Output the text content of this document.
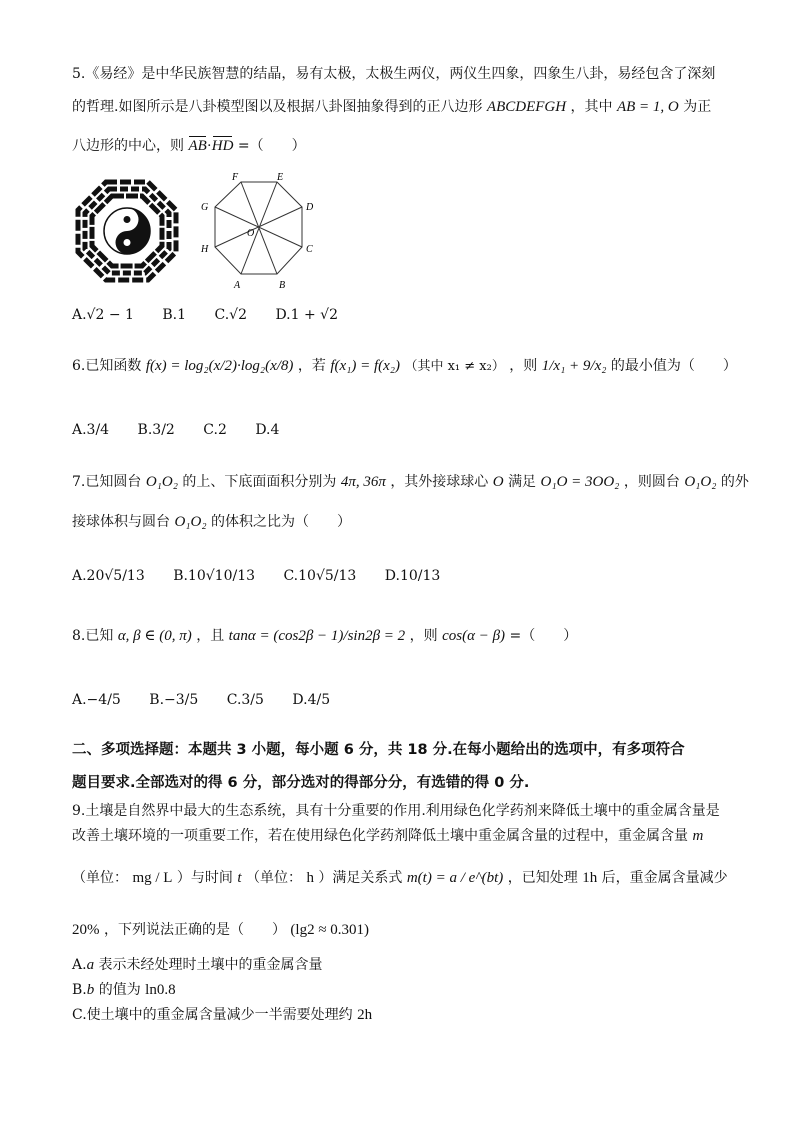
5.《易经》是中华民族智慧的结晶，易有太极，太极生两仪，两仪生四象，四象生八卦，易经包含了深刻
的哲理.如图所示是八卦模型图以及根据八卦图抽象得到的正八边形 ABCDEFGH ，其中 AB = 1, O 为正
八边形的中心，则 AB·HD =（　　）
F	E
G	D
O
H	C
A	B
A.√2 − 1 B.1 C.√2 D.1 + √2
6.已知函数 f(x) = log₂(x/2)·log₂(x/8) ，若 f(x₁) = f(x₂) （其中 x₁ ≠ x₂） ，则 1/x₁ + 9/x₂ 的最小值为（　　）
A.3/4 B.3/2 C.2 D.4
7.已知圆台 O₁O₂ 的上、下底面面积分别为 4π, 36π ，其外接球球心 O 满足 O₁O = 3OO₂ ，则圆台 O₁O₂ 的外
接球体积与圆台 O₁O₂ 的体积之比为（　　）
A.20√5/13 B.10√10/13 C.10√5/13 D.10/13
8.已知 α, β ∈ (0, π) ，且 tanα = (cos2β − 1)/sin2β = 2 ，则 cos(α − β) =（　　）
A.−4/5 B.−3/5 C.3/5 D.4/5
二、多项选择题：本题共 3 小题，每小题 6 分，共 18 分.在每小题给出的选项中，有多项符合
题目要求.全部选对的得 6 分，部分选对的得部分分，有选错的得 0 分.
9.土壤是自然界中最大的生态系统，具有十分重要的作用.利用绿色化学药剂来降低土壤中的重金属含量是
改善土壤环境的一项重要工作，若在使用绿色化学药剂降低土壤中重金属含量的过程中，重金属含量 m
（单位： mg / L ）与时间 t （单位： h ）满足关系式 m(t) = a / e^(bt) ，已知处理 1h 后，重金属含量减少
20% ，下列说法正确的是（　　） (lg2 ≈ 0.301)
A.a 表示未经处理时土壤中的重金属含量
B.b 的值为 ln0.8
C.使土壤中的重金属含量减少一半需要处理约 2h
